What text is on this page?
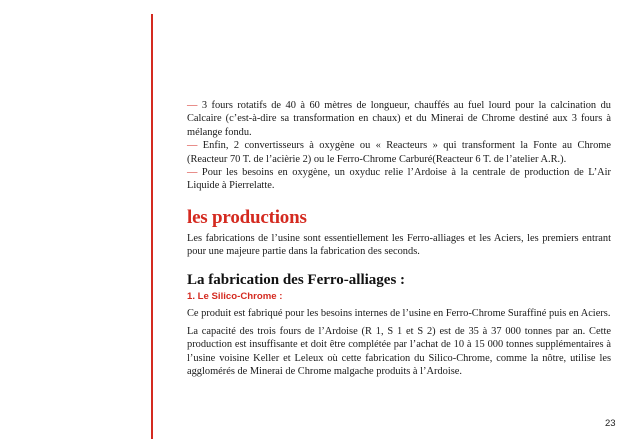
— 3 fours rotatifs de 40 à 60 mètres de longueur, chauffés au fuel lourd pour la calcination du Calcaire (c’est-à-dire sa transformation en chaux) et du Minerai de Chrome destiné aux 3 fours à mélange fondu.

— Enfin, 2 convertisseurs à oxygène ou « Reacteurs » qui transforment la Fonte au Chrome (Reacteur 70 T. de l’acièrie 2) ou le Ferro-Chrome Carburé(Reacteur 6 T. de l’atelier A.R.).

— Pour les besoins en oxygène, un oxyduc relie l’Ardoise à la centrale de production de L’Air Liquide à Pierrelatte.

les productions

Les fabrications de l’usine sont essentiellement les Ferro-alliages et les Aciers, les premiers entrant pour une majeure partie dans la fabrication des seconds.

La fabrication des Ferro-alliages :
1. Le Silico-Chrome :

Ce produit est fabriqué pour les besoins internes de l’usine en Ferro-Chrome Suraffiné puis en Aciers.

La capacité des trois fours de l’Ardoise (R 1, S 1 et S 2) est de 35 à 37 000 tonnes par an. Cette production est insuffisante et doit être complétée par l’achat de 10 à 15 000 tonnes supplémentaires à l’usine voisine Keller et Leleux où cette fabrication du Silico-Chrome, comme la nôtre, utilise les agglomérés de Minerai de Chrome malgache produits à l’Ardoise.

23
